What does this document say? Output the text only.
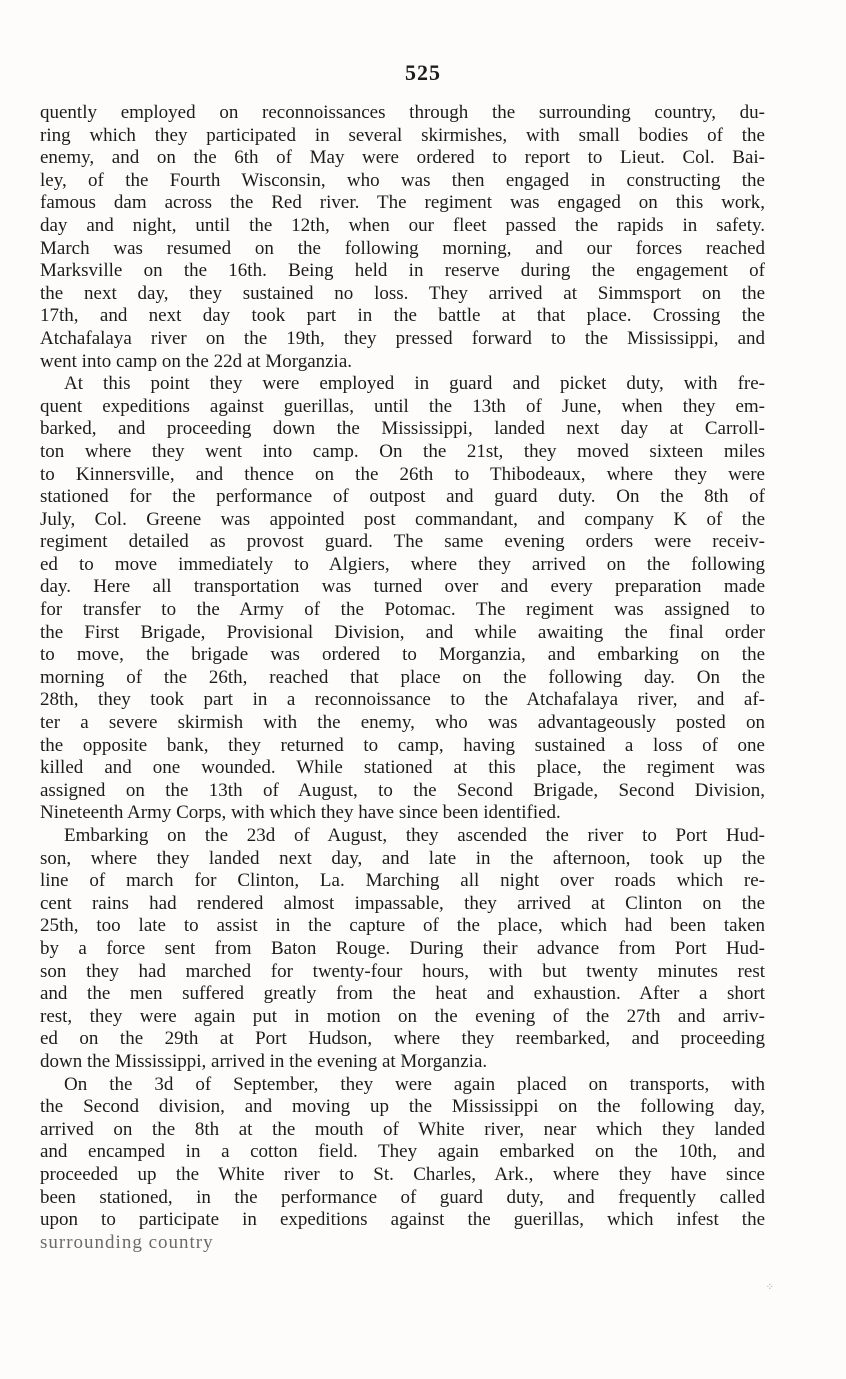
525
quently employed on reconnoissances through the surrounding country, du-
ring which they participated in several skirmishes, with small bodies of the
enemy, and on the 6th of May were ordered to report to Lieut. Col. Bai-
ley, of the Fourth Wisconsin, who was then engaged in constructing the
famous dam across the Red river. The regiment was engaged on this work,
day and night, until the 12th, when our fleet passed the rapids in safety.
March was resumed on the following morning, and our forces reached
Marksville on the 16th. Being held in reserve during the engagement of
the next day, they sustained no loss. They arrived at Simmsport on the
17th, and next day took part in the battle at that place. Crossing the
Atchafalaya river on the 19th, they pressed forward to the Mississippi, and
went into camp on the 22d at Morganzia.
At this point they were employed in guard and picket duty, with fre-
quent expeditions against guerillas, until the 13th of June, when they em-
barked, and proceeding down the Mississippi, landed next day at Carroll-
ton where they went into camp. On the 21st, they moved sixteen miles
to Kinnersville, and thence on the 26th to Thibodeaux, where they were
stationed for the performance of outpost and guard duty. On the 8th of
July, Col. Greene was appointed post commandant, and company K of the
regiment detailed as provost guard. The same evening orders were receiv-
ed to move immediately to Algiers, where they arrived on the following
day. Here all transportation was turned over and every preparation made
for transfer to the Army of the Potomac. The regiment was assigned to
the First Brigade, Provisional Division, and while awaiting the final order
to move, the brigade was ordered to Morganzia, and embarking on the
morning of the 26th, reached that place on the following day. On the
28th, they took part in a reconnoissance to the Atchafalaya river, and af-
ter a severe skirmish with the enemy, who was advantageously posted on
the opposite bank, they returned to camp, having sustained a loss of one
killed and one wounded. While stationed at this place, the regiment was
assigned on the 13th of August, to the Second Brigade, Second Division,
Nineteenth Army Corps, with which they have since been identified.
Embarking on the 23d of August, they ascended the river to Port Hud-
son, where they landed next day, and late in the afternoon, took up the
line of march for Clinton, La. Marching all night over roads which re-
cent rains had rendered almost impassable, they arrived at Clinton on the
25th, too late to assist in the capture of the place, which had been taken
by a force sent from Baton Rouge. During their advance from Port Hud-
son they had marched for twenty-four hours, with but twenty minutes rest
and the men suffered greatly from the heat and exhaustion. After a short
rest, they were again put in motion on the evening of the 27th and arriv-
ed on the 29th at Port Hudson, where they reembarked, and proceeding
down the Mississippi, arrived in the evening at Morganzia.
On the 3d of September, they were again placed on transports, with
the Second division, and moving up the Mississippi on the following day,
arrived on the 8th at the mouth of White river, near which they landed
and encamped in a cotton field. They again embarked on the 10th, and
proceeded up the White river to St. Charles, Ark., where they have since
been stationed, in the performance of guard duty, and frequently called
upon to participate in expeditions against the guerillas, which infest the
surrounding country
⁘
